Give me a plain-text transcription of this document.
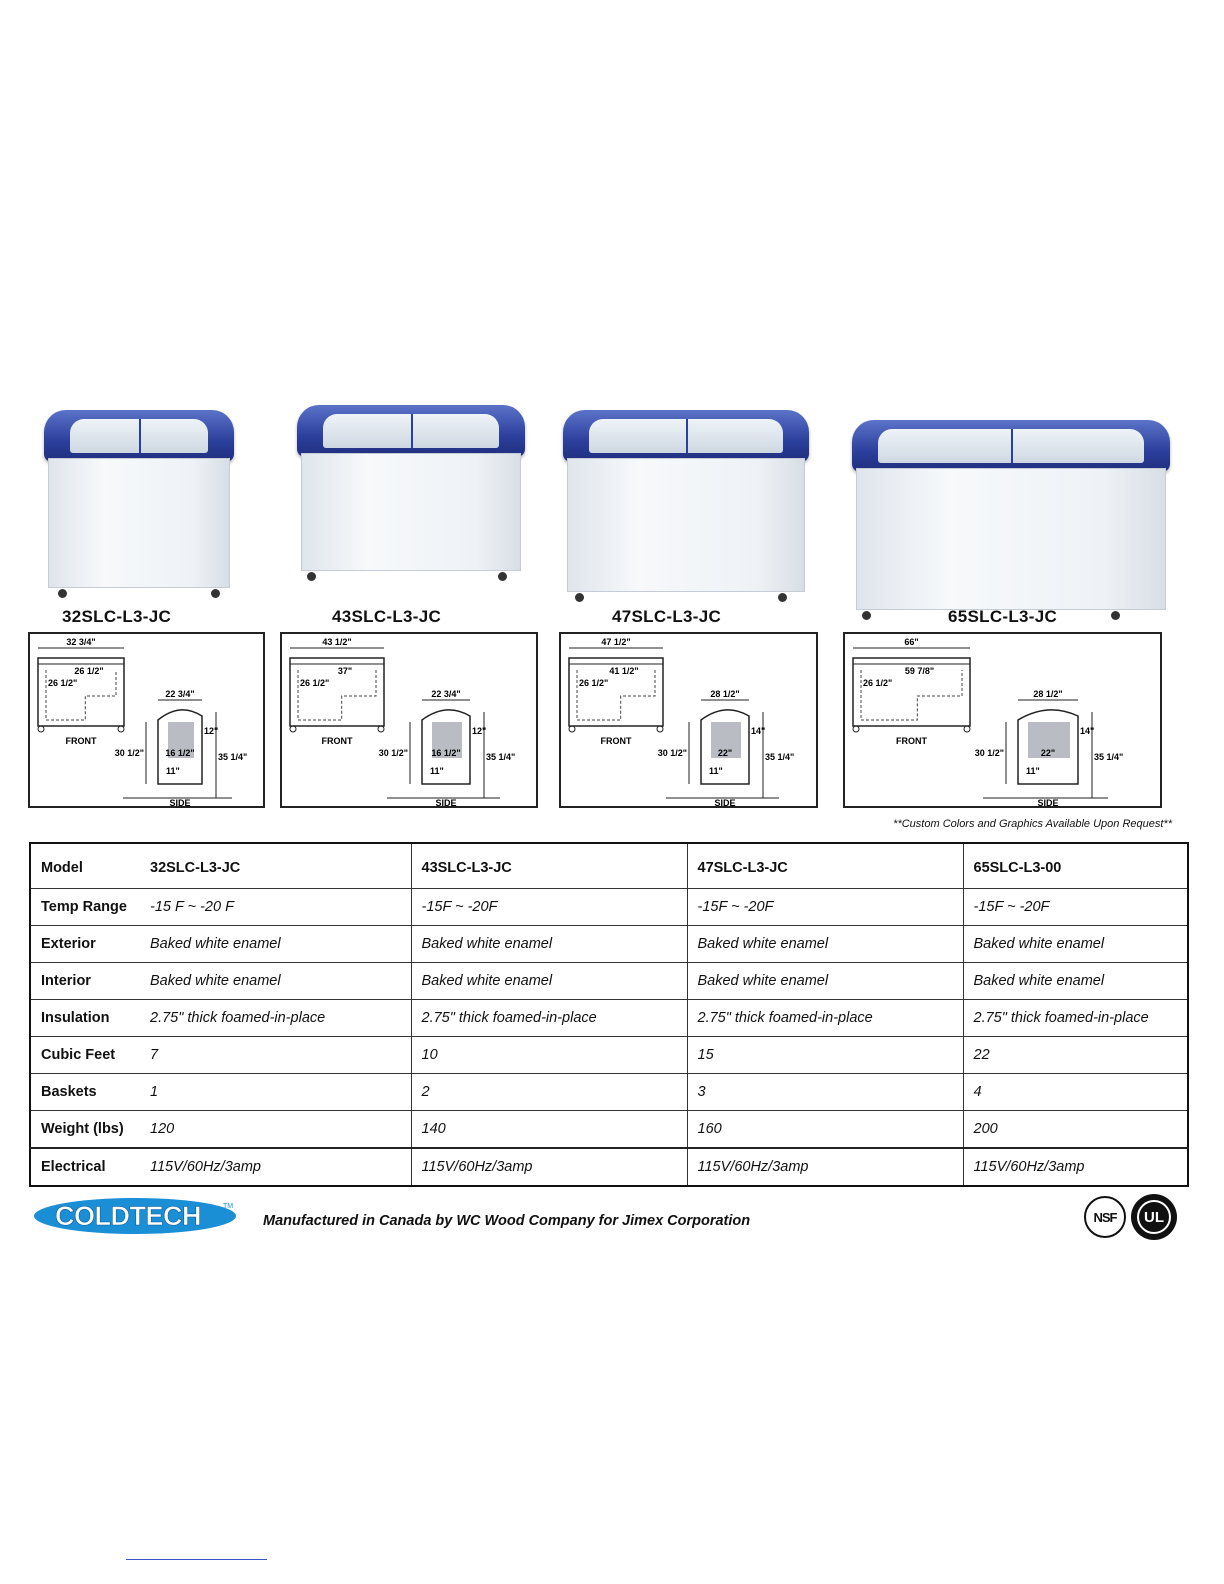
32SLC-L3-JC	43SLC-L3-JC	47SLC-L3-JC	65SLC-L3-JC
32 3/4"
26 1/2"
26 1/2"
FRONT
22 3/4"
30 1/2"	35 1/4"
12"
16 1/2"
11"
SIDE
43 1/2"
37"
26 1/2"
FRONT
22 3/4"
30 1/2"	35 1/4"
12"
16 1/2"
11"
SIDE
47 1/2"
41 1/2"
26 1/2"
FRONT
28 1/2"
30 1/2"	35 1/4"
14"
22"
11"
SIDE
66"
59 7/8"
26 1/2"
FRONT
28 1/2"
30 1/2"	35 1/4"
14"
22"
11"
SIDE
**Custom Colors and Graphics Available Upon Request**
Model	32SLC-L3-JC	43SLC-L3-JC	47SLC-L3-JC	65SLC-L3-00
Temp Range	-15 F ~ -20 F	-15F ~ -20F	-15F ~ -20F	-15F ~ -20F
Exterior	Baked white enamel	Baked white enamel	Baked white enamel	Baked white enamel
Interior	Baked white enamel	Baked white enamel	Baked white enamel	Baked white enamel
Insulation	2.75" thick foamed-in-place	2.75" thick foamed-in-place	2.75" thick foamed-in-place	2.75" thick foamed-in-place
Cubic Feet	7	10	15	22
Baskets	1	2	3	4
Weight (lbs)	120	140	160	200
Electrical	115V/60Hz/3amp	115V/60Hz/3amp	115V/60Hz/3amp	115V/60Hz/3amp
COLDTECH	TM
Manufactured in Canada by WC Wood Company for Jimex Corporation	NSF	UL
